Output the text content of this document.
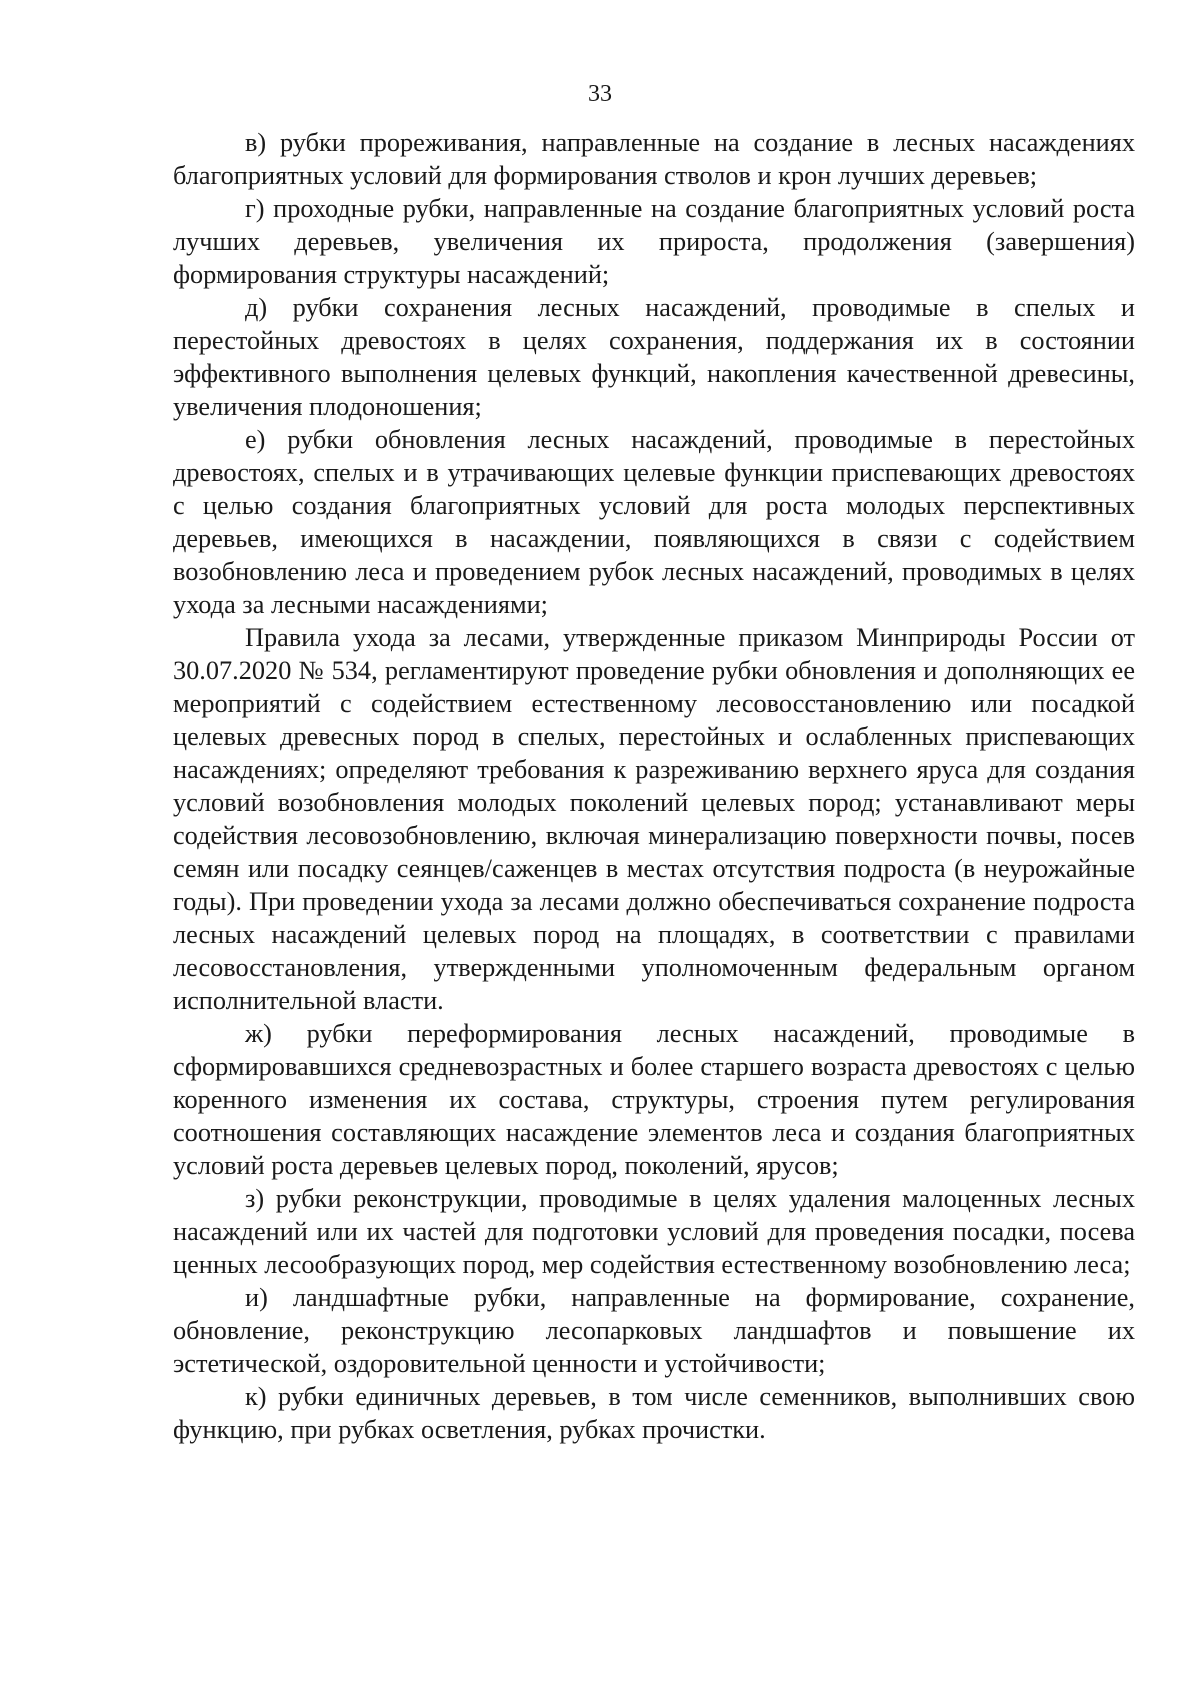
33

в) рубки прореживания, направленные на создание в лесных насаждениях благоприятных условий для формирования стволов и крон лучших деревьев;

г) проходные рубки, направленные на создание благоприятных условий роста лучших деревьев, увеличения их прироста, продолжения (завершения) формирования структуры насаждений;

д) рубки сохранения лесных насаждений, проводимые в спелых и перестойных древостоях в целях сохранения, поддержания их в состоянии эффективного выполнения целевых функций, накопления качественной древесины, увеличения плодоношения;

е) рубки обновления лесных насаждений, проводимые в перестойных древостоях, спелых и в утрачивающих целевые функции приспевающих древостоях с целью создания благоприятных условий для роста молодых перспективных деревьев, имеющихся в насаждении, появляющихся в связи с содействием возобновлению леса и проведением рубок лесных насаждений, проводимых в целях ухода за лесными насаждениями;

Правила ухода за лесами, утвержденные приказом Минприроды России от 30.07.2020 № 534, регламентируют проведение рубки обновления и дополняющих ее мероприятий с содействием естественному лесовосстановлению или посадкой целевых древесных пород в спелых, перестойных и ослабленных приспевающих насаждениях; определяют требования к разреживанию верхнего яруса для создания условий возобновления молодых поколений целевых пород; устанавливают меры содействия лесовозобновлению, включая минерализацию поверхности почвы, посев семян или посадку сеянцев/саженцев в местах отсутствия подроста (в неурожайные годы). При проведении ухода за лесами должно обеспечиваться сохранение подроста лесных насаждений целевых пород на площадях, в соответствии с правилами лесовосстановления, утвержденными уполномоченным федеральным органом исполнительной власти.

ж) рубки переформирования лесных насаждений, проводимые в сформировавшихся средневозрастных и более старшего возраста древостоях с целью коренного изменения их состава, структуры, строения путем регулирования соотношения составляющих насаждение элементов леса и создания благоприятных условий роста деревьев целевых пород, поколений, ярусов;

з) рубки реконструкции, проводимые в целях удаления малоценных лесных насаждений или их частей для подготовки условий для проведения посадки, посева ценных лесообразующих пород, мер содействия естественному возобновлению леса;

и) ландшафтные рубки, направленные на формирование, сохранение, обновление, реконструкцию лесопарковых ландшафтов и повышение их эстетической, оздоровительной ценности и устойчивости;

к) рубки единичных деревьев, в том числе семенников, выполнивших свою функцию, при рубках осветления, рубках прочистки.
